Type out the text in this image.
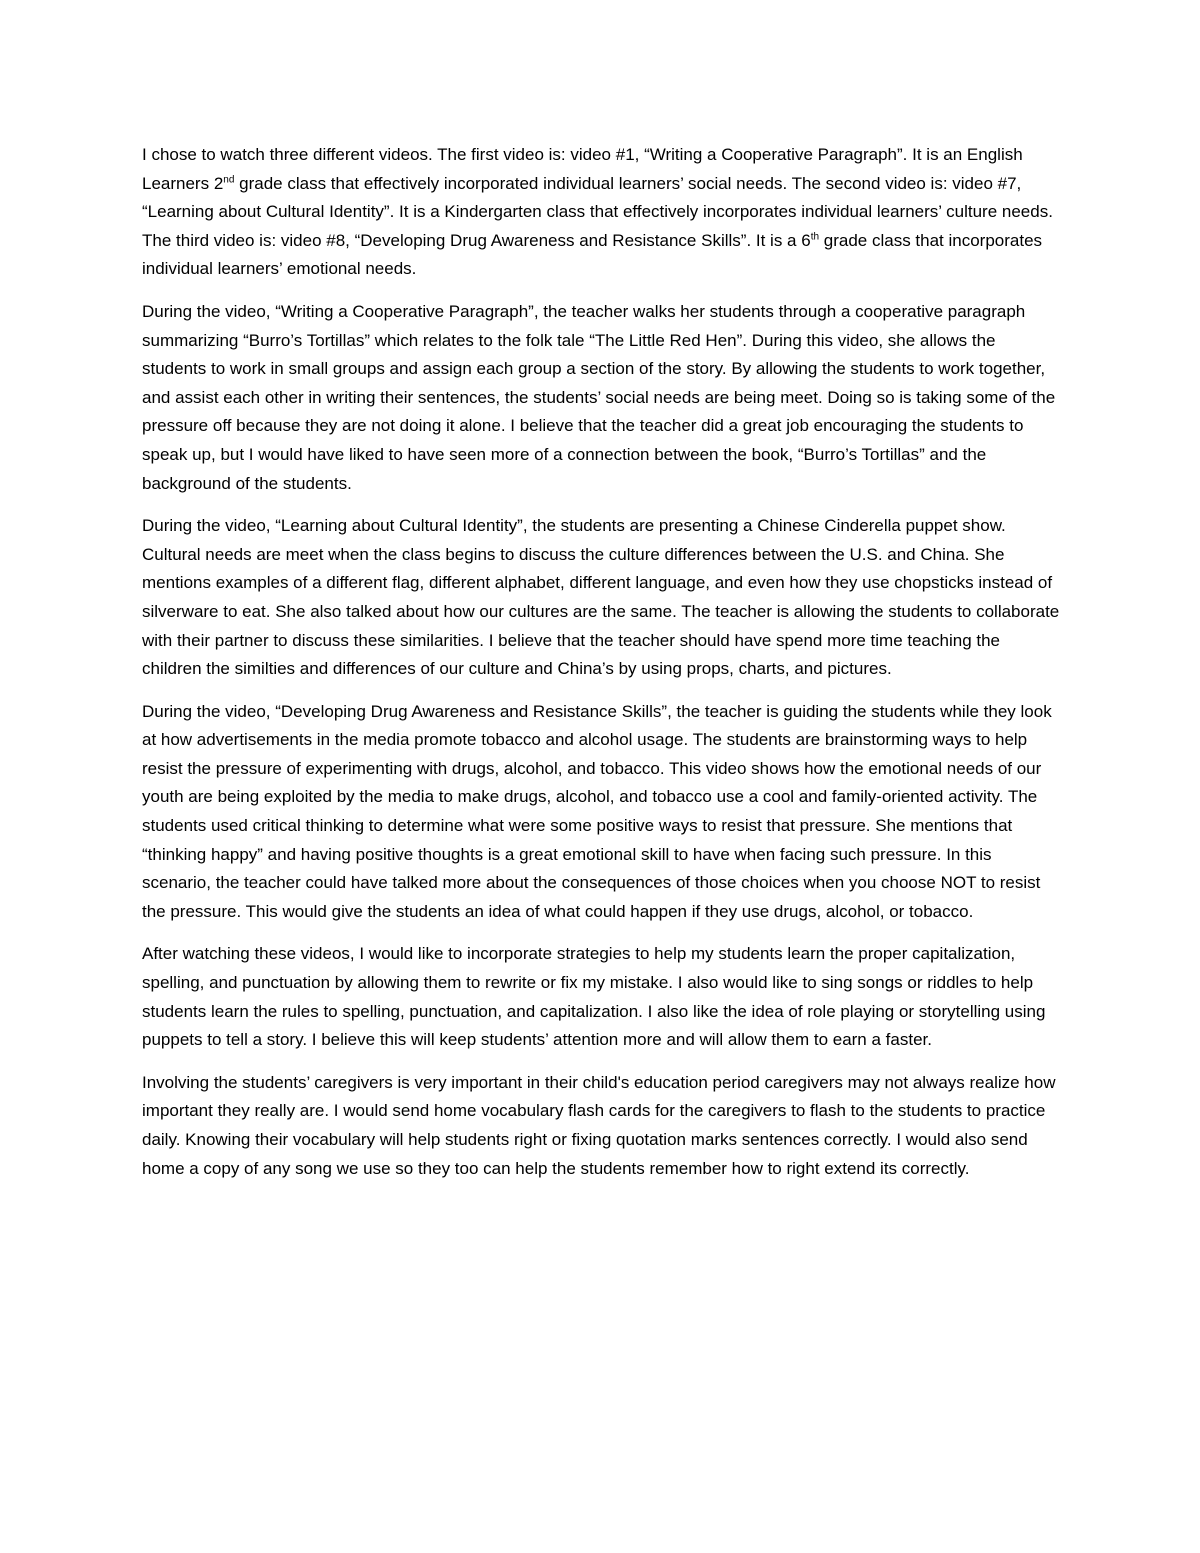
I chose to watch three different videos. The first video is: video #1, “Writing a Cooperative Paragraph”. It is an English Learners 2nd grade class that effectively incorporated individual learners’ social needs. The second video is: video #7, “Learning about Cultural Identity”. It is a Kindergarten class that effectively incorporates individual learners’ culture needs. The third video is: video #8, “Developing Drug Awareness and Resistance Skills”. It is a 6th grade class that incorporates individual learners’ emotional needs.

During the video, “Writing a Cooperative Paragraph”, the teacher walks her students through a cooperative paragraph summarizing “Burro’s Tortillas” which relates to the folk tale “The Little Red Hen”. During this video, she allows the students to work in small groups and assign each group a section of the story. By allowing the students to work together, and assist each other in writing their sentences, the students’ social needs are being meet. Doing so is taking some of the pressure off because they are not doing it alone. I believe that the teacher did a great job encouraging the students to speak up, but I would have liked to have seen more of a connection between the book, “Burro’s Tortillas” and the background of the students.

During the video, “Learning about Cultural Identity”, the students are presenting a Chinese Cinderella puppet show. Cultural needs are meet when the class begins to discuss the culture differences between the U.S. and China. She mentions examples of a different flag, different alphabet, different language, and even how they use chopsticks instead of silverware to eat. She also talked about how our cultures are the same. The teacher is allowing the students to collaborate with their partner to discuss these similarities. I believe that the teacher should have spend more time teaching the children the similties and differences of our culture and China’s by using props, charts, and pictures.

During the video, “Developing Drug Awareness and Resistance Skills”, the teacher is guiding the students while they look at how advertisements in the media promote tobacco and alcohol usage. The students are brainstorming ways to help resist the pressure of experimenting with drugs, alcohol, and tobacco. This video shows how the emotional needs of our youth are being exploited by the media to make drugs, alcohol, and tobacco use a cool and family-oriented activity. The students used critical thinking to determine what were some positive ways to resist that pressure. She mentions that “thinking happy” and having positive thoughts is a great emotional skill to have when facing such pressure. In this scenario, the teacher could have talked more about the consequences of those choices when you choose NOT to resist the pressure. This would give the students an idea of what could happen if they use drugs, alcohol, or tobacco.

After watching these videos, I would like to incorporate strategies to help my students learn the proper capitalization, spelling, and punctuation by allowing them to rewrite or fix my mistake. I also would like to sing songs or riddles to help students learn the rules to spelling, punctuation, and capitalization. I also like the idea of role playing or storytelling using puppets to tell a story. I believe this will keep students’ attention more and will allow them to earn a faster.

Involving the students’ caregivers is very important in their child's education period caregivers may not always realize how important they really are. I would send home vocabulary flash cards for the caregivers to flash to the students to practice daily. Knowing their vocabulary will help students right or fixing quotation marks sentences correctly. I would also send home a copy of any song we use so they too can help the students remember how to right extend its correctly.
